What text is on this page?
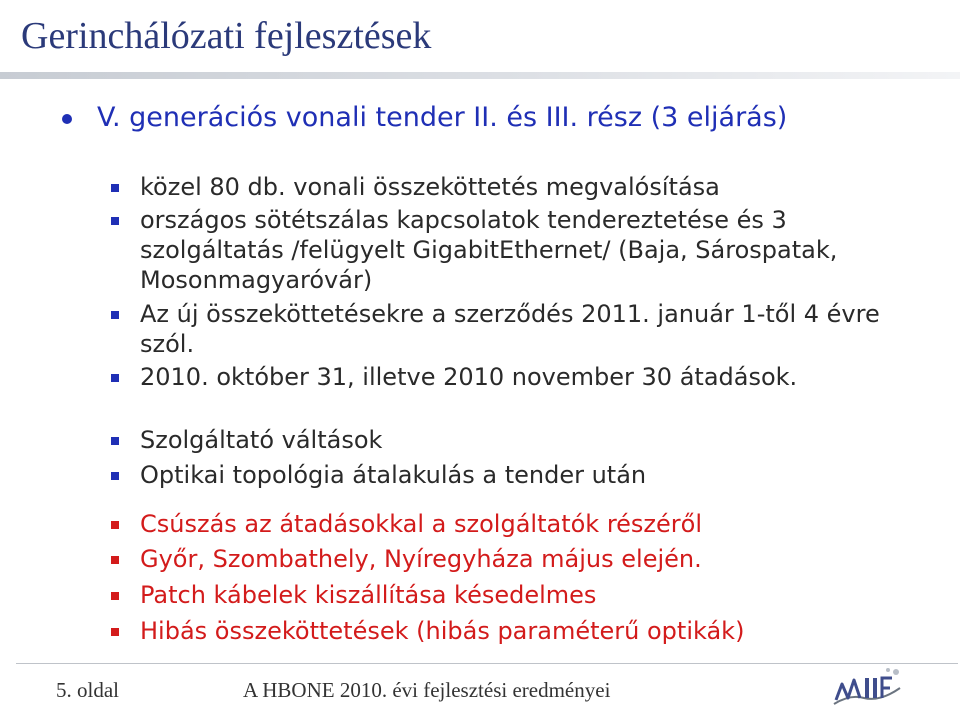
Gerinchálózati fejlesztések
V. generációs vonali tender II. és III. rész (3 eljárás)

közel 80 db. vonali összeköttetés megvalósítása

országos sötétszálas kapcsolatok tendereztetése és 3 szolgáltatás /felügyelt GigabitEthernet/ (Baja, Sárospatak, Mosonmagyaróvár)

Az új összeköttetésekre a szerződés 2011. január 1-től 4 évre szól.

2010. október 31, illetve 2010 november 30 átadások.

Szolgáltató váltások

Optikai topológia átalakulás a tender után

Csúszás az átadásokkal a szolgáltatók részéről

Győr, Szombathely, Nyíregyháza május elején.

Patch kábelek kiszállítása késedelmes

Hibás összeköttetések (hibás paraméterű optikák)

5. oldal	A HBONE 2010. évi fejlesztési eredményei
